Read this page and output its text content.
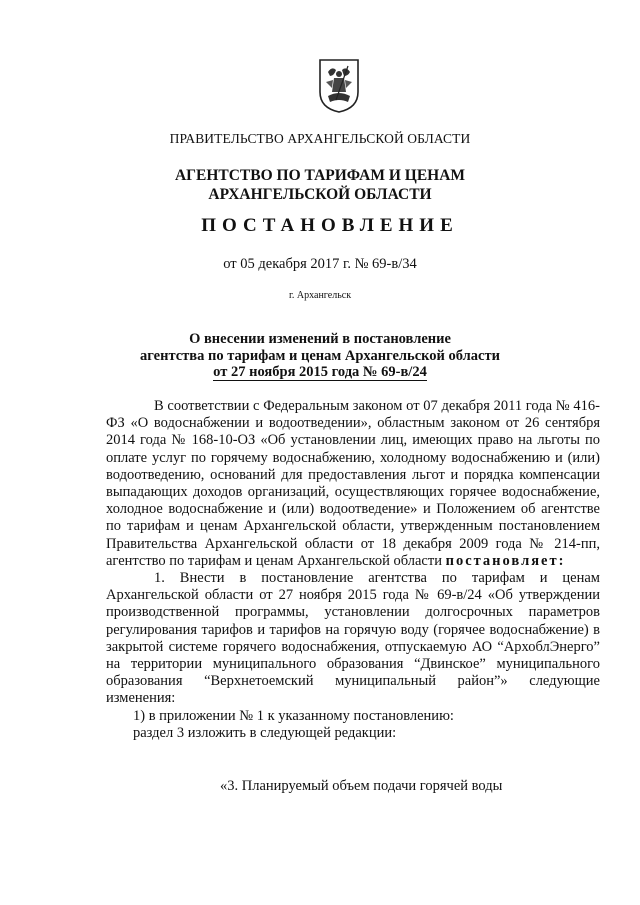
ПРАВИТЕЛЬСТВО АРХАНГЕЛЬСКОЙ ОБЛАСТИ
АГЕНТСТВО ПО ТАРИФАМ И ЦЕНАМ
АРХАНГЕЛЬСКОЙ ОБЛАСТИ
ПОСТАНОВЛЕНИЕ
от 05 декабря 2017 г. № 69-в/34
г. Архангельск
О внесении изменений в постановление
агентства по тарифам и ценам Архангельской области
от 27 ноября 2015 года № 69-в/24

В соответствии с Федеральным законом от 07 декабря 2011 года № 416-ФЗ «О водоснабжении и водоотведении», областным законом от 26 сентября 2014 года № 168-10-ОЗ «Об установлении лиц, имеющих право на льготы по оплате услуг по горячему водоснабжению, холодному водоснабжению и (или) водоотведению, оснований для предоставления льгот и порядка компенсации выпадающих доходов организаций, осуществляющих горячее водоснабжение, холодное водоснабжение и (или) водоотведение» и Положением об агентстве по тарифам и ценам Архангельской области, утвержденным постановлением Правительства Архангельской области от 18 декабря 2009 года № 214-пп, агентство по тарифам и ценам Архангельской области постановляет:

1. Внести в постановление агентства по тарифам и ценам Архангельской области от 27 ноября 2015 года № 69-в/24 «Об утверждении производственной программы, установлении долгосрочных параметров регулирования тарифов и тарифов на горячую воду (горячее водоснабжение) в закрытой системе горячего водоснабжения, отпускаемую АО “АрхоблЭнерго” на территории муниципального образования “Двинское” муниципального образования “Верхнетоемский муниципальный район”» следующие изменения:

1) в приложении № 1 к указанному постановлению:

раздел 3 изложить в следующей редакции:

«3. Планируемый объем подачи горячей воды
